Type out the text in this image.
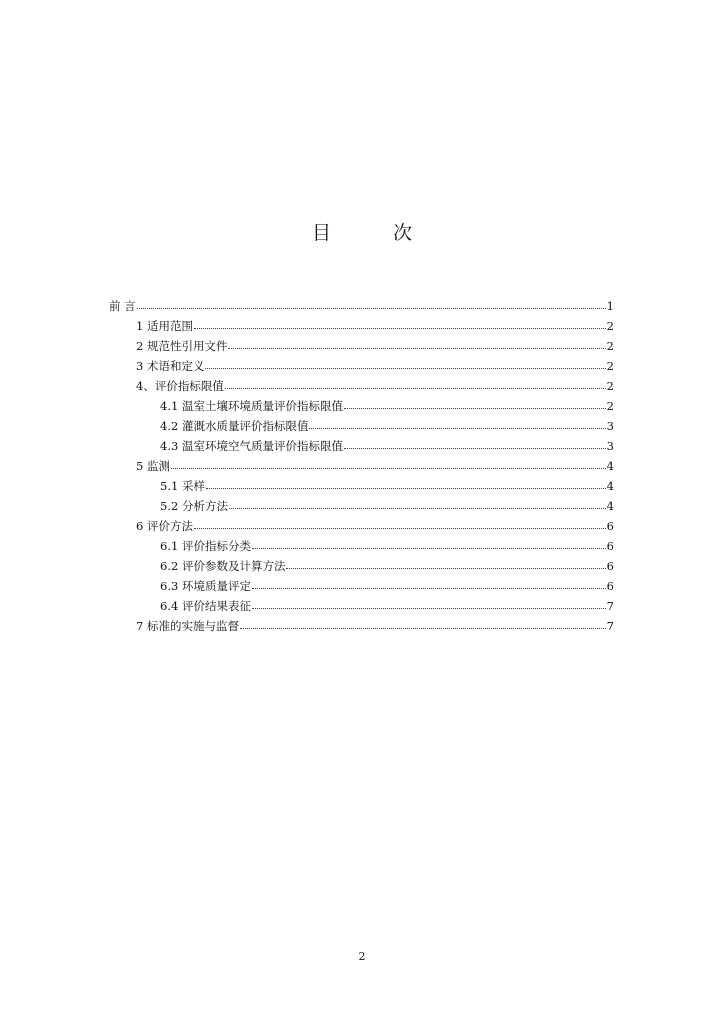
目 次
前 言	1
1 适用范围	2
2 规范性引用文件	2
3 术语和定义	2
4、评价指标限值	2
4.1 温室土壤环境质量评价指标限值	2
4.2 灌溉水质量评价指标限值	3
4.3 温室环境空气质量评价指标限值	3
5 监测	4
5.1 采样	4
5.2 分析方法	4
6 评价方法	6
6.1 评价指标分类	6
6.2 评价参数及计算方法	6
6.3 环境质量评定	6
6.4 评价结果表征	7
7 标准的实施与监督	7
2
